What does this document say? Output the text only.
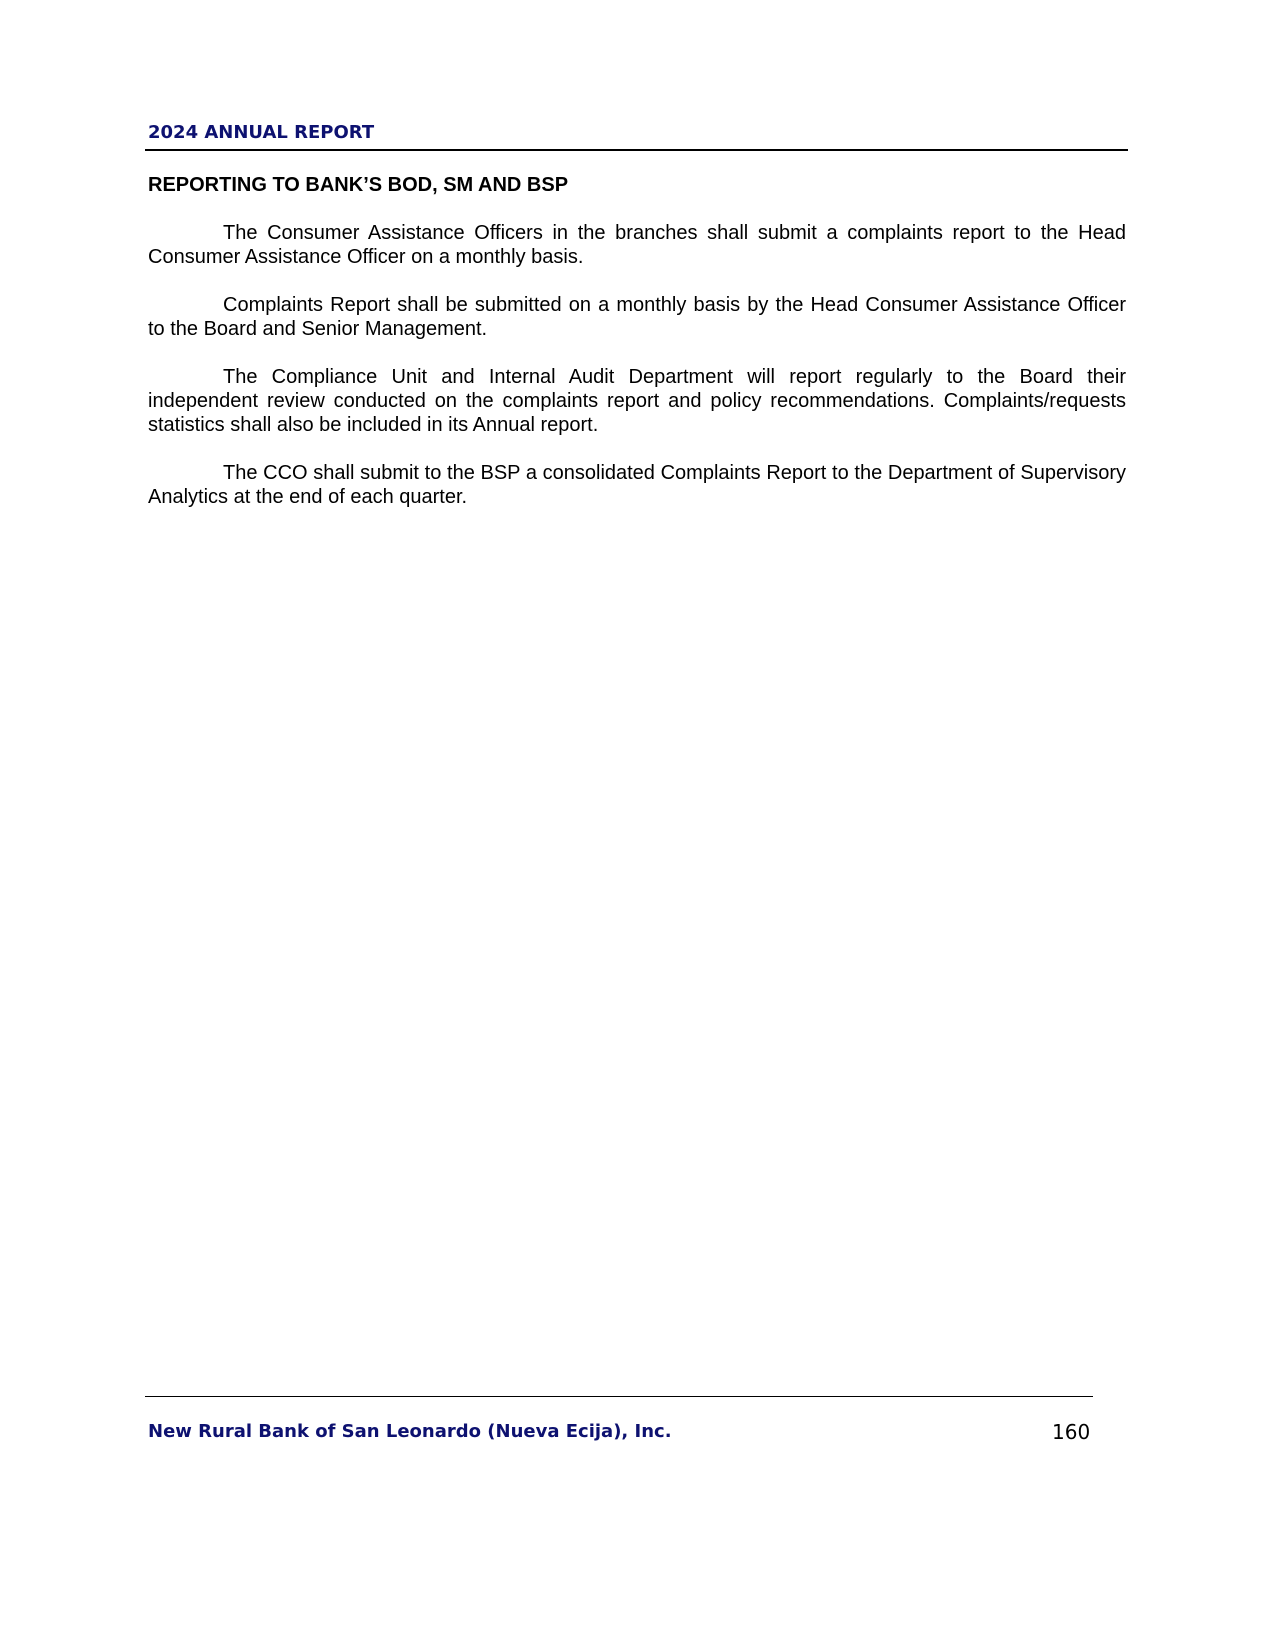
2024 ANNUAL REPORT
REPORTING TO BANK’S BOD, SM AND BSP

The Consumer Assistance Officers in the branches shall submit a complaints report to the Head Consumer Assistance Officer on a monthly basis.

Complaints Report shall be submitted on a monthly basis by the Head Consumer Assistance Officer to the Board and Senior Management.

The Compliance Unit and Internal Audit Department will report regularly to the Board their independent review conducted on the complaints report and policy recommendations. Complaints/requests statistics shall also be included in its Annual report.

The CCO shall submit to the BSP a consolidated Complaints Report to the Department of Supervisory Analytics at the end of each quarter.

New Rural Bank of San Leonardo (Nueva Ecija), Inc.	160
